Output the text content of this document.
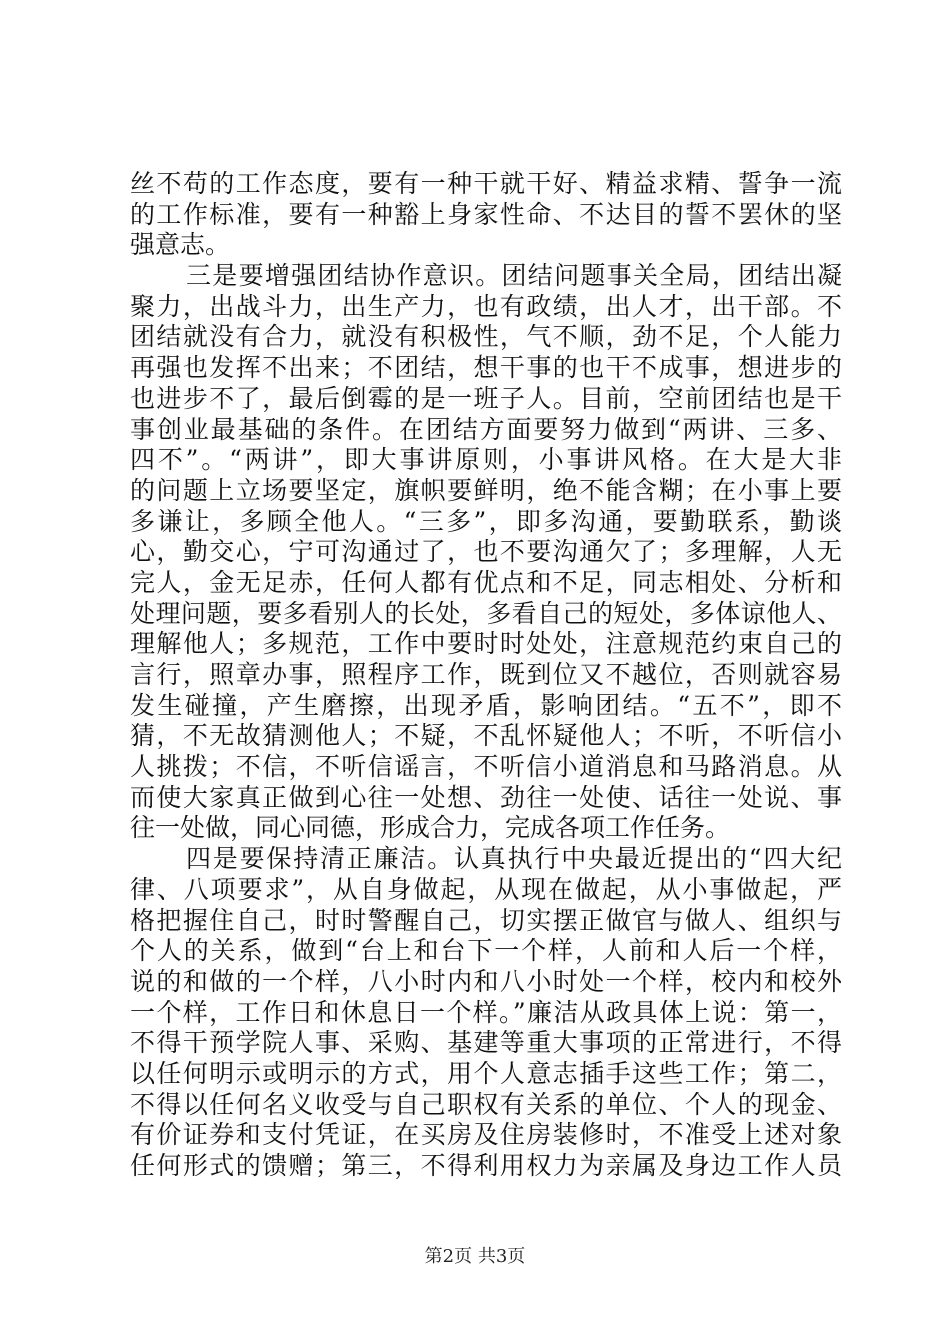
丝不苟的工作态度，要有一种干就干好、精益求精、誓争一流
的工作标准，要有一种豁上身家性命、不达目的誓不罢休的坚
强意志。
三是要增强团结协作意识。团结问题事关全局，团结出凝
聚力，出战斗力，出生产力，也有政绩，出人才，出干部。不
团结就没有合力，就没有积极性，气不顺，劲不足，个人能力
再强也发挥不出来；不团结，想干事的也干不成事，想进步的
也进步不了，最后倒霉的是一班子人。目前，空前团结也是干
事创业最基础的条件。在团结方面要努力做到“两讲、三多、
四不”。“两讲”，即大事讲原则，小事讲风格。在大是大非
的问题上立场要坚定，旗帜要鲜明，绝不能含糊；在小事上要
多谦让，多顾全他人。“三多”，即多沟通，要勤联系，勤谈
心，勤交心，宁可沟通过了，也不要沟通欠了；多理解，人无
完人，金无足赤，任何人都有优点和不足，同志相处、分析和
处理问题，要多看别人的长处，多看自己的短处，多体谅他人、
理解他人；多规范，工作中要时时处处，注意规范约束自己的
言行，照章办事，照程序工作，既到位又不越位，否则就容易
发生碰撞，产生磨擦，出现矛盾，影响团结。“五不”，即不
猜，不无故猜测他人；不疑，不乱怀疑他人；不听，不听信小
人挑拨；不信，不听信谣言，不听信小道消息和马路消息。从
而使大家真正做到心往一处想、劲往一处使、话往一处说、事
往一处做，同心同德，形成合力，完成各项工作任务。
四是要保持清正廉洁。认真执行中央最近提出的“四大纪
律、八项要求”，从自身做起，从现在做起，从小事做起，严
格把握住自己，时时警醒自己，切实摆正做官与做人、组织与
个人的关系，做到“台上和台下一个样，人前和人后一个样，
说的和做的一个样，八小时内和八小时处一个样，校内和校外
一个样，工作日和休息日一个样。”廉洁从政具体上说：第一，
不得干预学院人事、采购、基建等重大事项的正常进行，不得
以任何明示或明示的方式，用个人意志插手这些工作；第二，
不得以任何名义收受与自己职权有关系的单位、个人的现金、
有价证券和支付凭证，在买房及住房装修时，不准受上述对象
任何形式的馈赠；第三，不得利用权力为亲属及身边工作人员
第2页 共3页
